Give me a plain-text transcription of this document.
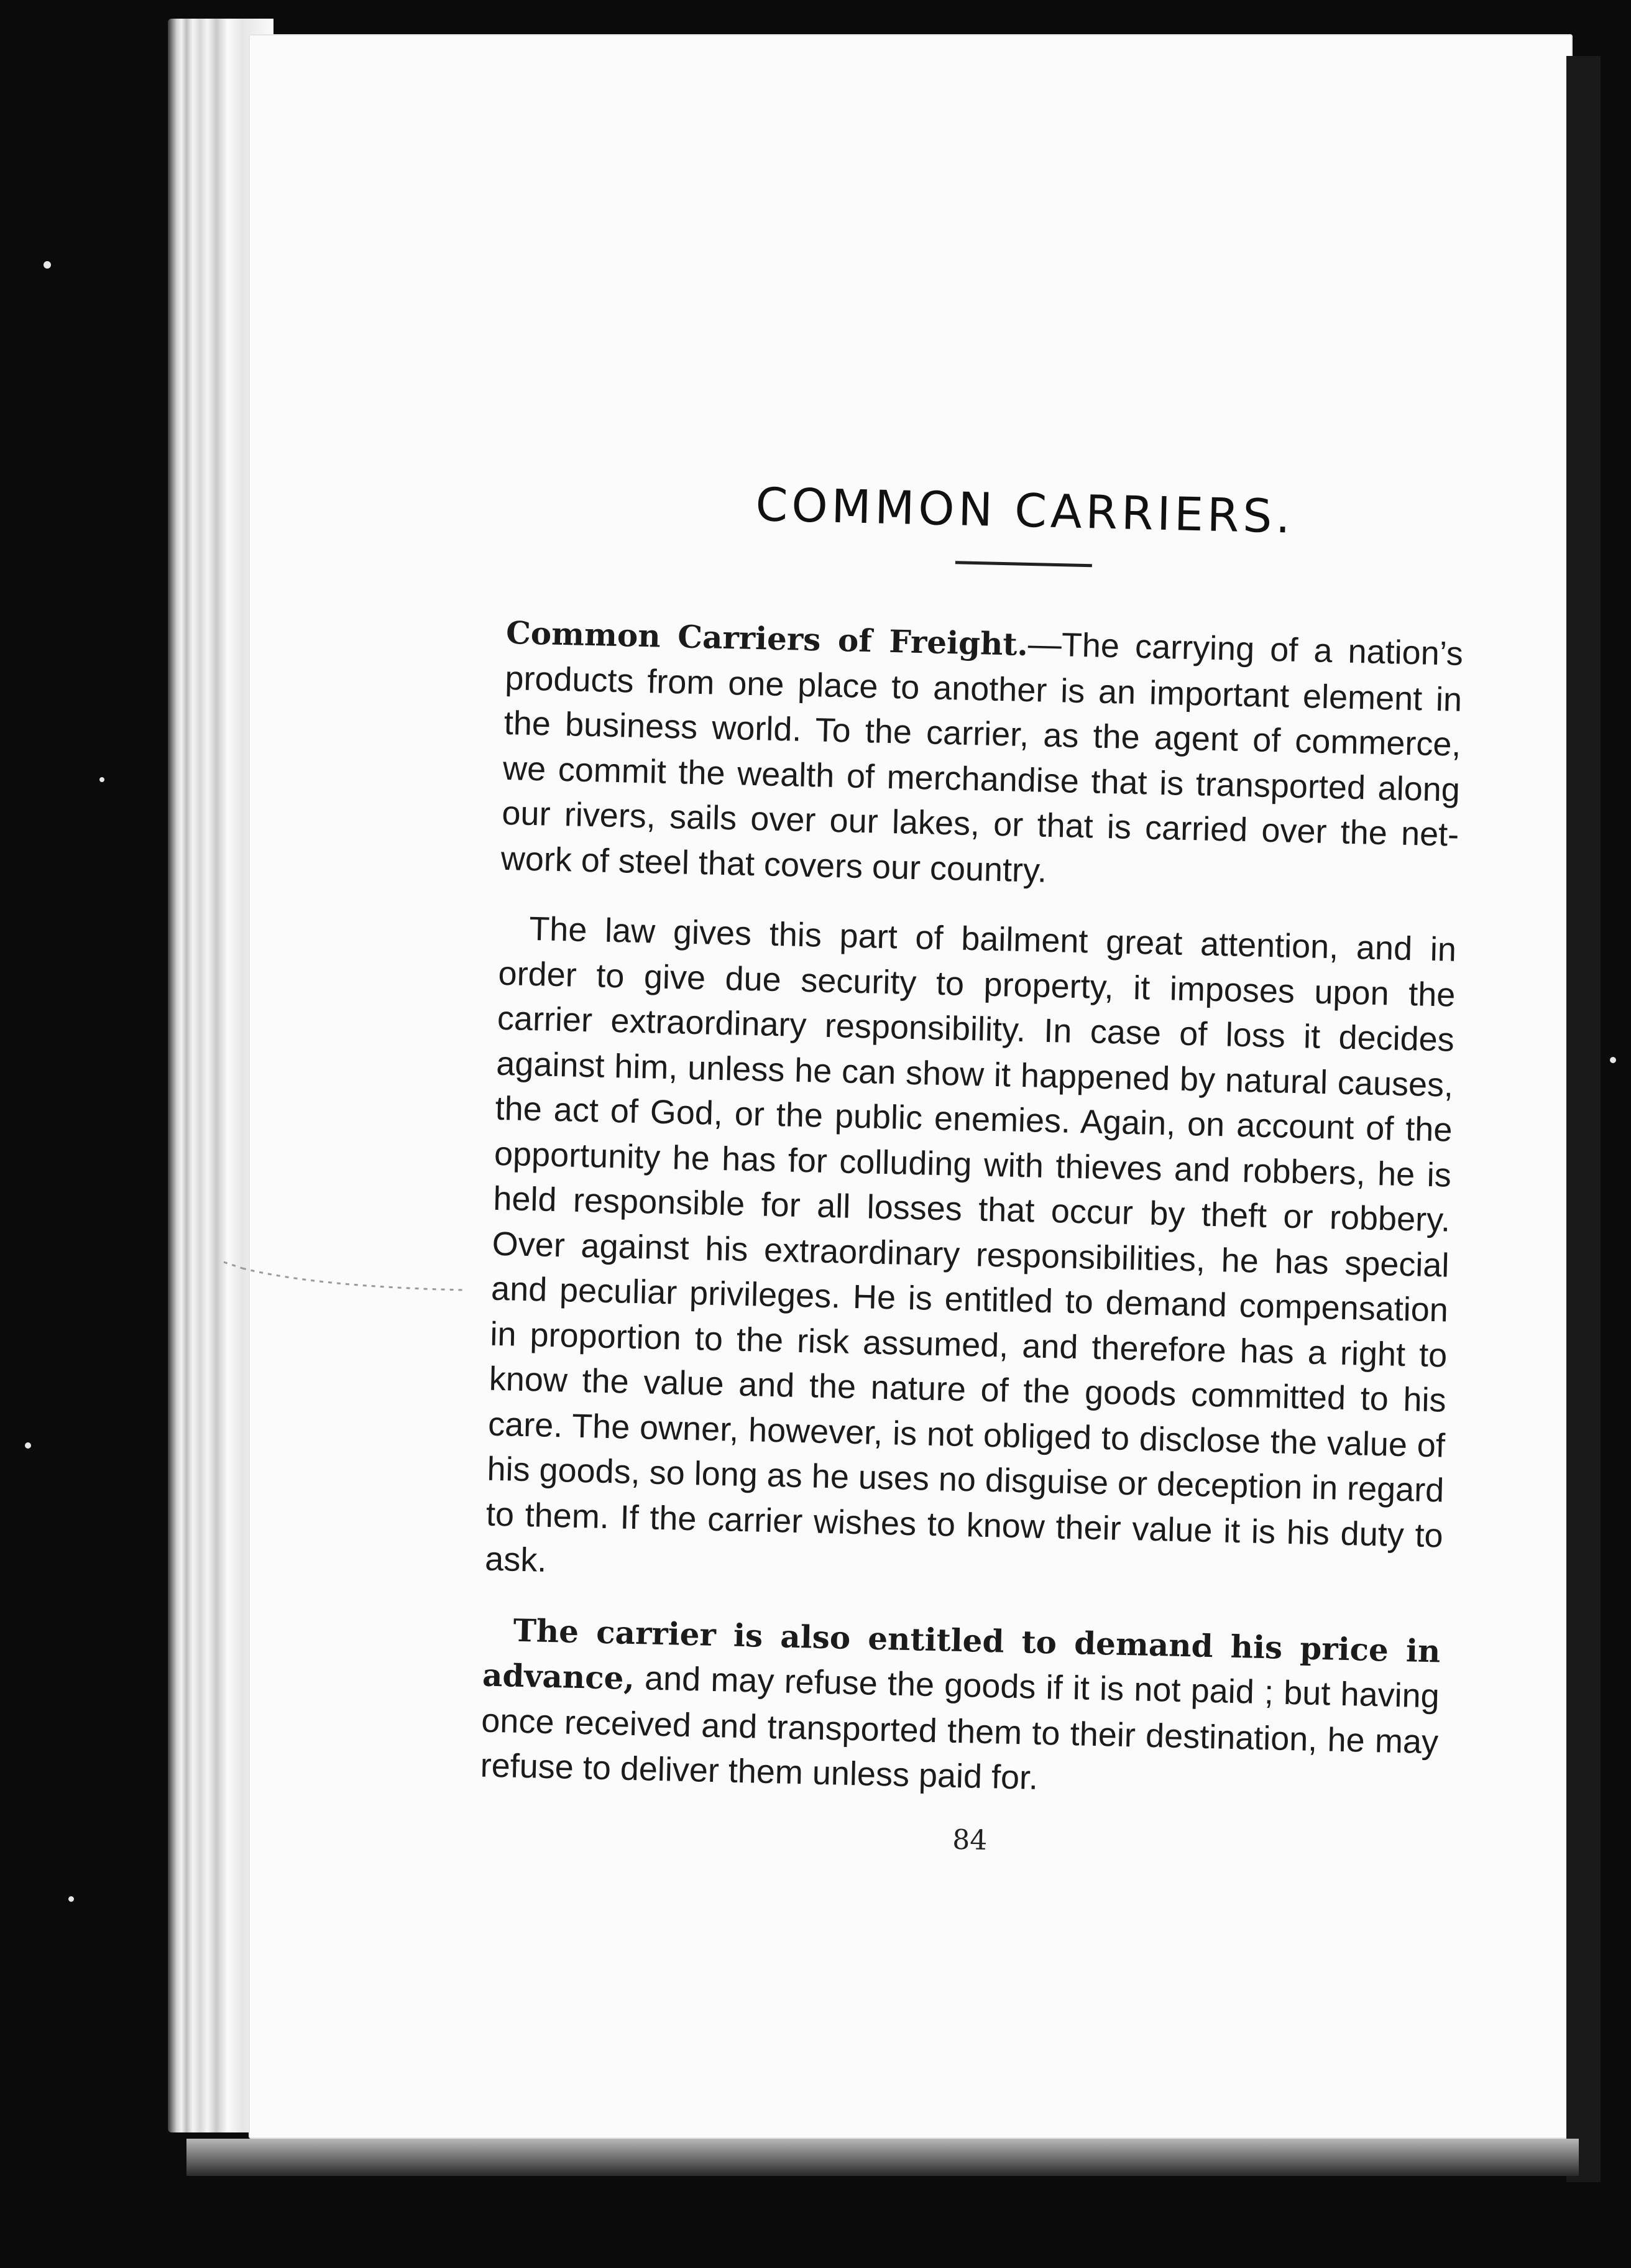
COMMON CARRIERS.

Common Carriers of Freight.—The carrying of a nation’s products from one place to another is an important element in the business world. To the carrier, as the agent of commerce, we commit the wealth of merchandise that is transported along our rivers, sails over our lakes, or that is carried over the net-work of steel that covers our country.

The law gives this part of bailment great attention, and in order to give due security to property, it imposes upon the carrier extraordinary responsibility. In case of loss it decides against him, unless he can show it happened by natural causes, the act of God, or the public enemies. Again, on account of the opportunity he has for colluding with thieves and robbers, he is held responsible for all losses that occur by theft or robbery. Over against his extraordinary responsibilities, he has special and peculiar privileges. He is entitled to demand compensation in proportion to the risk assumed, and therefore has a right to know the value and the nature of the goods committed to his care. The owner, however, is not obliged to disclose the value of his goods, so long as he uses no disguise or deception in regard to them. If the carrier wishes to know their value it is his duty to ask.

The carrier is also entitled to demand his price in advance, and may refuse the goods if it is not paid ; but having once received and transported them to their destination, he may refuse to deliver them unless paid for.

84
